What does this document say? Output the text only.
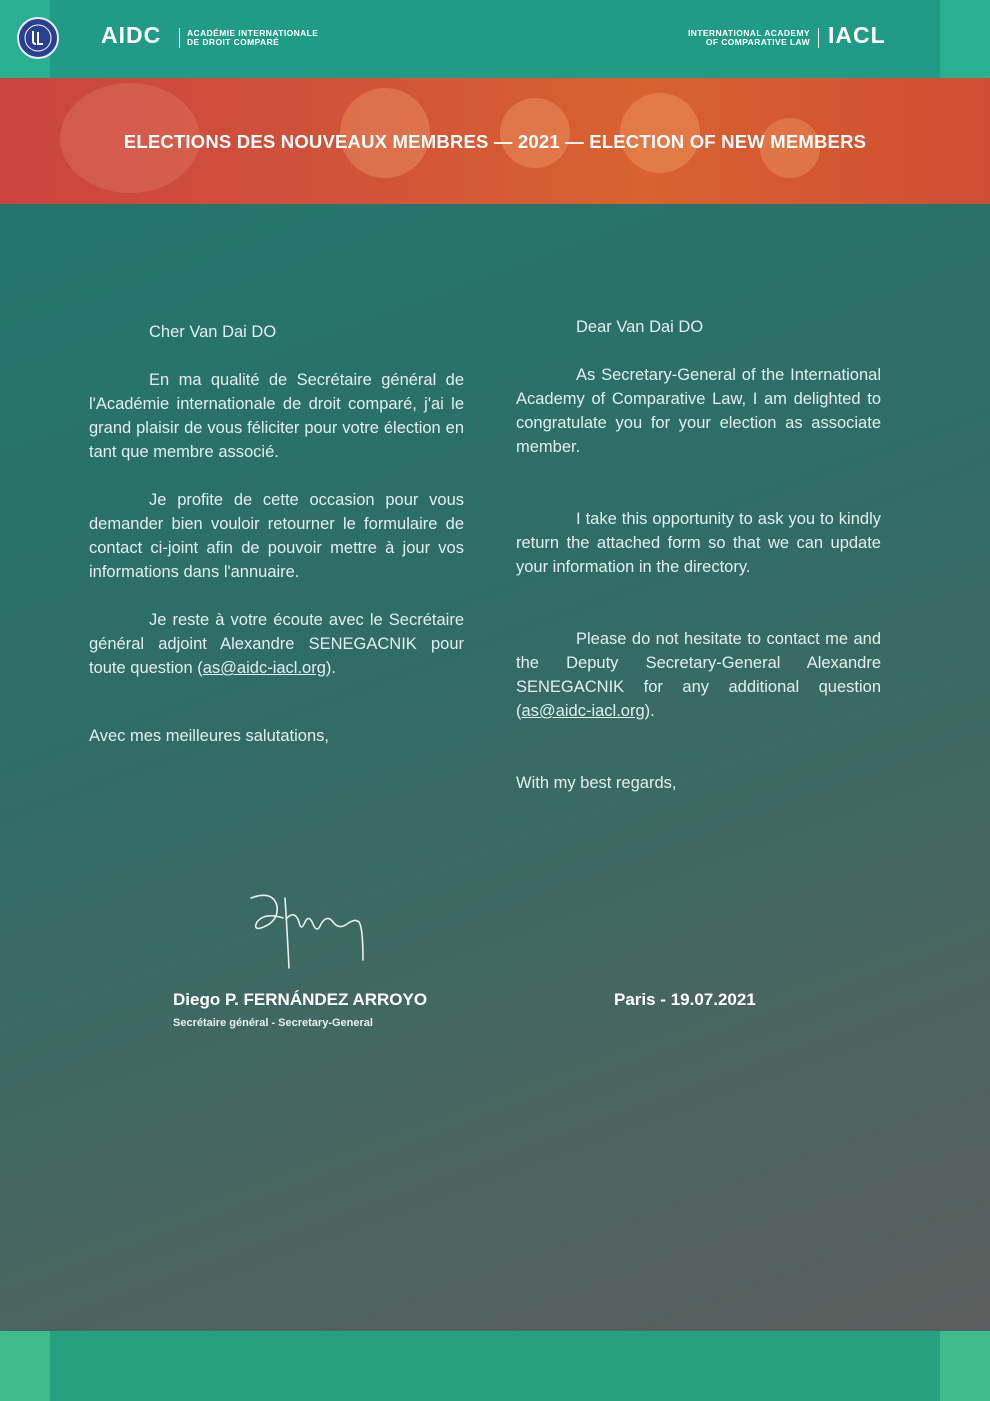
AIDC	ACADÉMIE INTERNATIONALE
DE DROIT COMPARÉ
INTERNATIONAL ACADEMY
OF COMPARATIVE LAW IACL
ELECTIONS DES NOUVEAUX MEMBRES — 2021 — ELECTION OF NEW MEMBERS

Cher Van Dai DO

En ma qualité de Secrétaire général de l'Académie internationale de droit comparé, j'ai le grand plaisir de vous féliciter pour votre élection en tant que membre associé.

Je profite de cette occasion pour vous demander bien vouloir retourner le formulaire de contact ci-joint afin de pouvoir mettre à jour vos informations dans l'annuaire.

Je reste à votre écoute avec le Secrétaire général adjoint Alexandre SENEGACNIK pour toute question (as@aidc-iacl.org).

Avec mes meilleures salutations,

Dear Van Dai DO

As Secretary-General of the International Academy of Comparative Law, I am delighted to congratulate you for your election as associate member.

I take this opportunity to ask you to kindly return the attached form so that we can update your information in the directory.

Please do not hesitate to contact me and the Deputy Secretary-General Alexandre SENEGACNIK for any additional question (as@aidc-iacl.org).

With my best regards,

Diego P. FERNÁNDEZ ARROYO
Secrétaire général - Secretary-General
Paris - 19.07.2021
